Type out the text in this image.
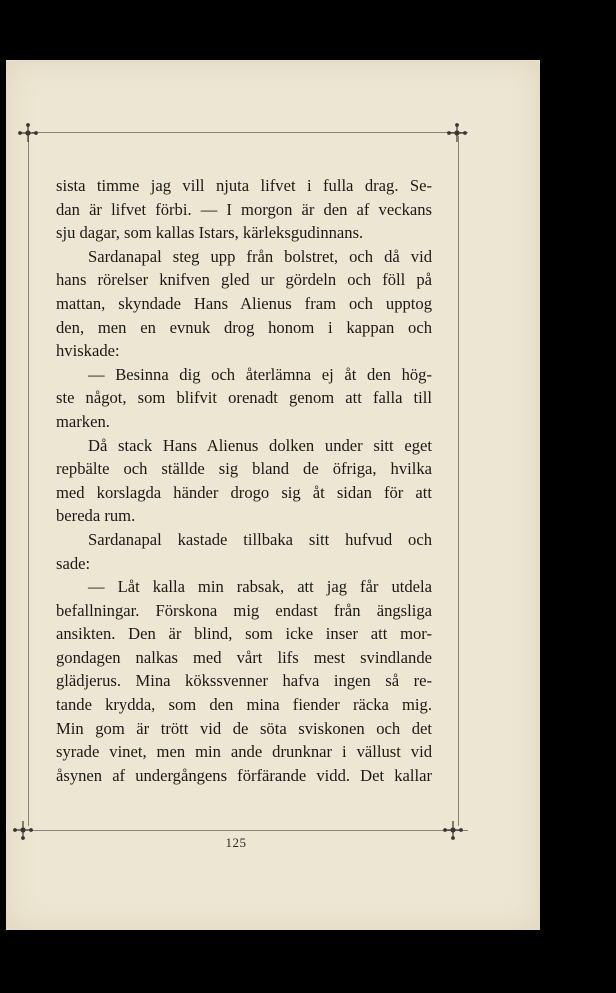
sista timme jag vill njuta lifvet i fulla drag. Se-
dan är lifvet förbi. — I morgon är den af veckans
sju dagar, som kallas Istars, kärleksgudinnans.
Sardanapal steg upp från bolstret, och då vid
hans rörelser knifven gled ur gördeln och föll på
mattan, skyndade Hans Alienus fram och upptog
den, men en evnuk drog honom i kappan och
hviskade:
— Besinna dig och återlämna ej åt den hög-
ste något, som blifvit orenadt genom att falla till
marken.
Då stack Hans Alienus dolken under sitt eget
repbälte och ställde sig bland de öfriga, hvilka
med korslagda händer drogo sig åt sidan för att
bereda rum.
Sardanapal kastade tillbaka sitt hufvud och
sade:
— Låt kalla min rabsak, att jag får utdela
befallningar. Förskona mig endast från ängsliga
ansikten. Den är blind, som icke inser att mor-
gondagen nalkas med vårt lifs mest svindlande
glädjerus. Mina kökssvenner hafva ingen så re-
tande krydda, som den mina fiender räcka mig.
Min gom är trött vid de söta sviskonen och det
syrade vinet, men min ande drunknar i vällust vid
åsynen af undergångens förfärande vidd. Det kallar
125
